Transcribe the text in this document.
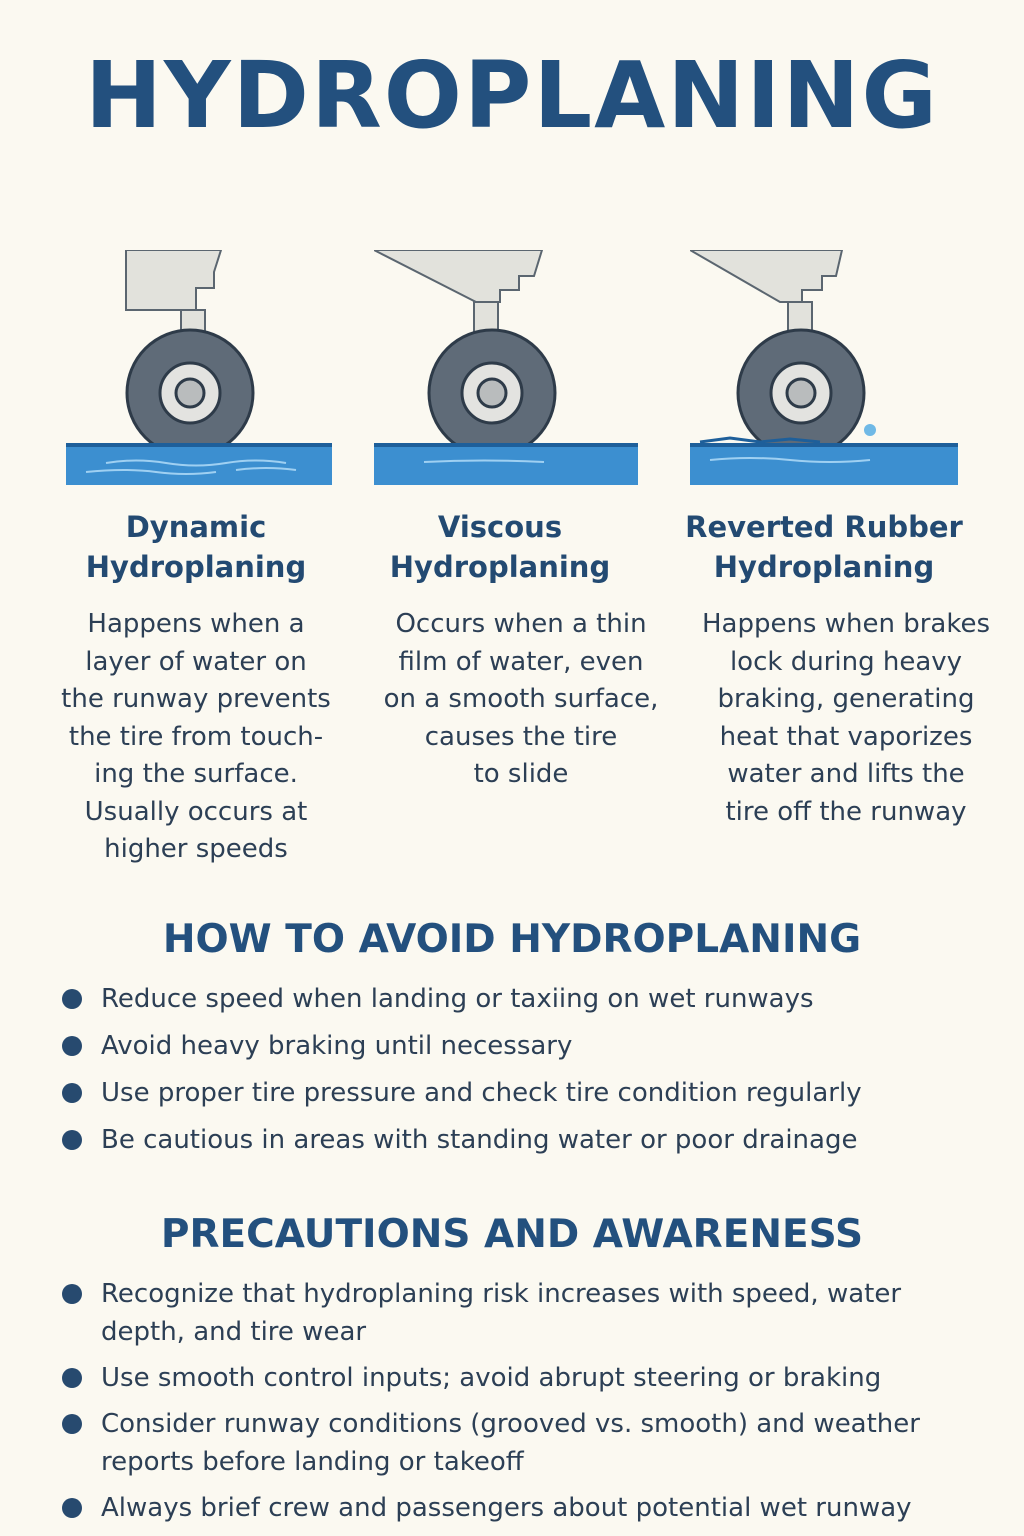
HYDROPLANING
Dynamic
Hydroplaning
Viscous
Hydroplaning
Reverted Rubber
Hydroplaning
Happens when a
layer of water on
the runway prevents
the tire from touch-
ing the surface.
Usually occurs at
higher speeds
Occurs when a thin
film of water, even
on a smooth surface,
causes the tire
to slide
Happens when brakes
lock during heavy
braking, generating
heat that vaporizes
water and lifts the
tire off the runway
HOW TO AVOID HYDROPLANING
Reduce speed when landing or taxiing on wet runways
Avoid heavy braking until necessary
Use proper tire pressure and check tire condition regularly
Be cautious in areas with standing water or poor drainage
PRECAUTIONS AND AWARENESS
Recognize that hydroplaning risk increases with speed, water depth, and tire wear
Use smooth control inputs; avoid abrupt steering or braking
Consider runway conditions (grooved vs. smooth) and weather reports before landing or takeoff
Always brief crew and passengers about potential wet runway
